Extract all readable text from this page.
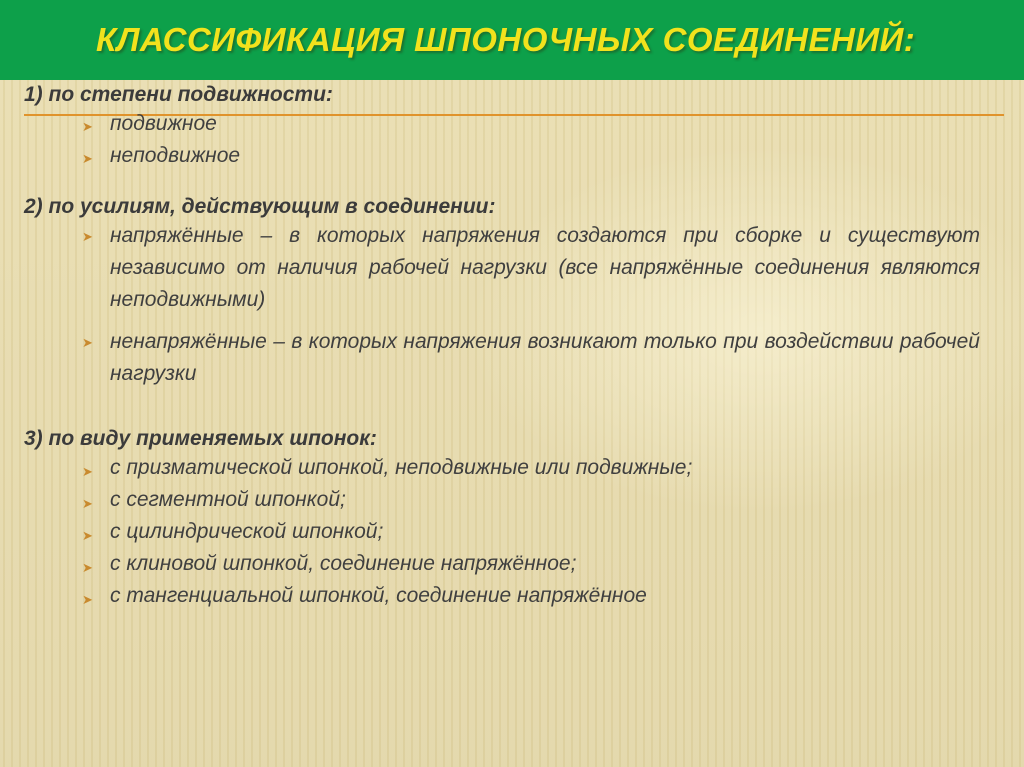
КЛАССИФИКАЦИЯ ШПОНОЧНЫХ СОЕДИНЕНИЙ:
1) по степени подвижности:
➤ подвижное
➤ неподвижное
2) по усилиям, действующим в соединении:
➤ напряжённые – в которых напряжения создаются при сборке и существуют независимо от наличия рабочей нагрузки (все напряжённые соединения являются неподвижными)
➤ ненапряжённые – в которых напряжения возникают только при воздействии рабочей нагрузки
3) по виду применяемых шпонок:
➤ с призматической шпонкой, неподвижные или подвижные;
➤ с сегментной шпонкой;
➤ с цилиндрической шпонкой;
➤ с клиновой шпонкой, соединение напряжённое;
➤ с тангенциальной шпонкой, соединение напряжённое
